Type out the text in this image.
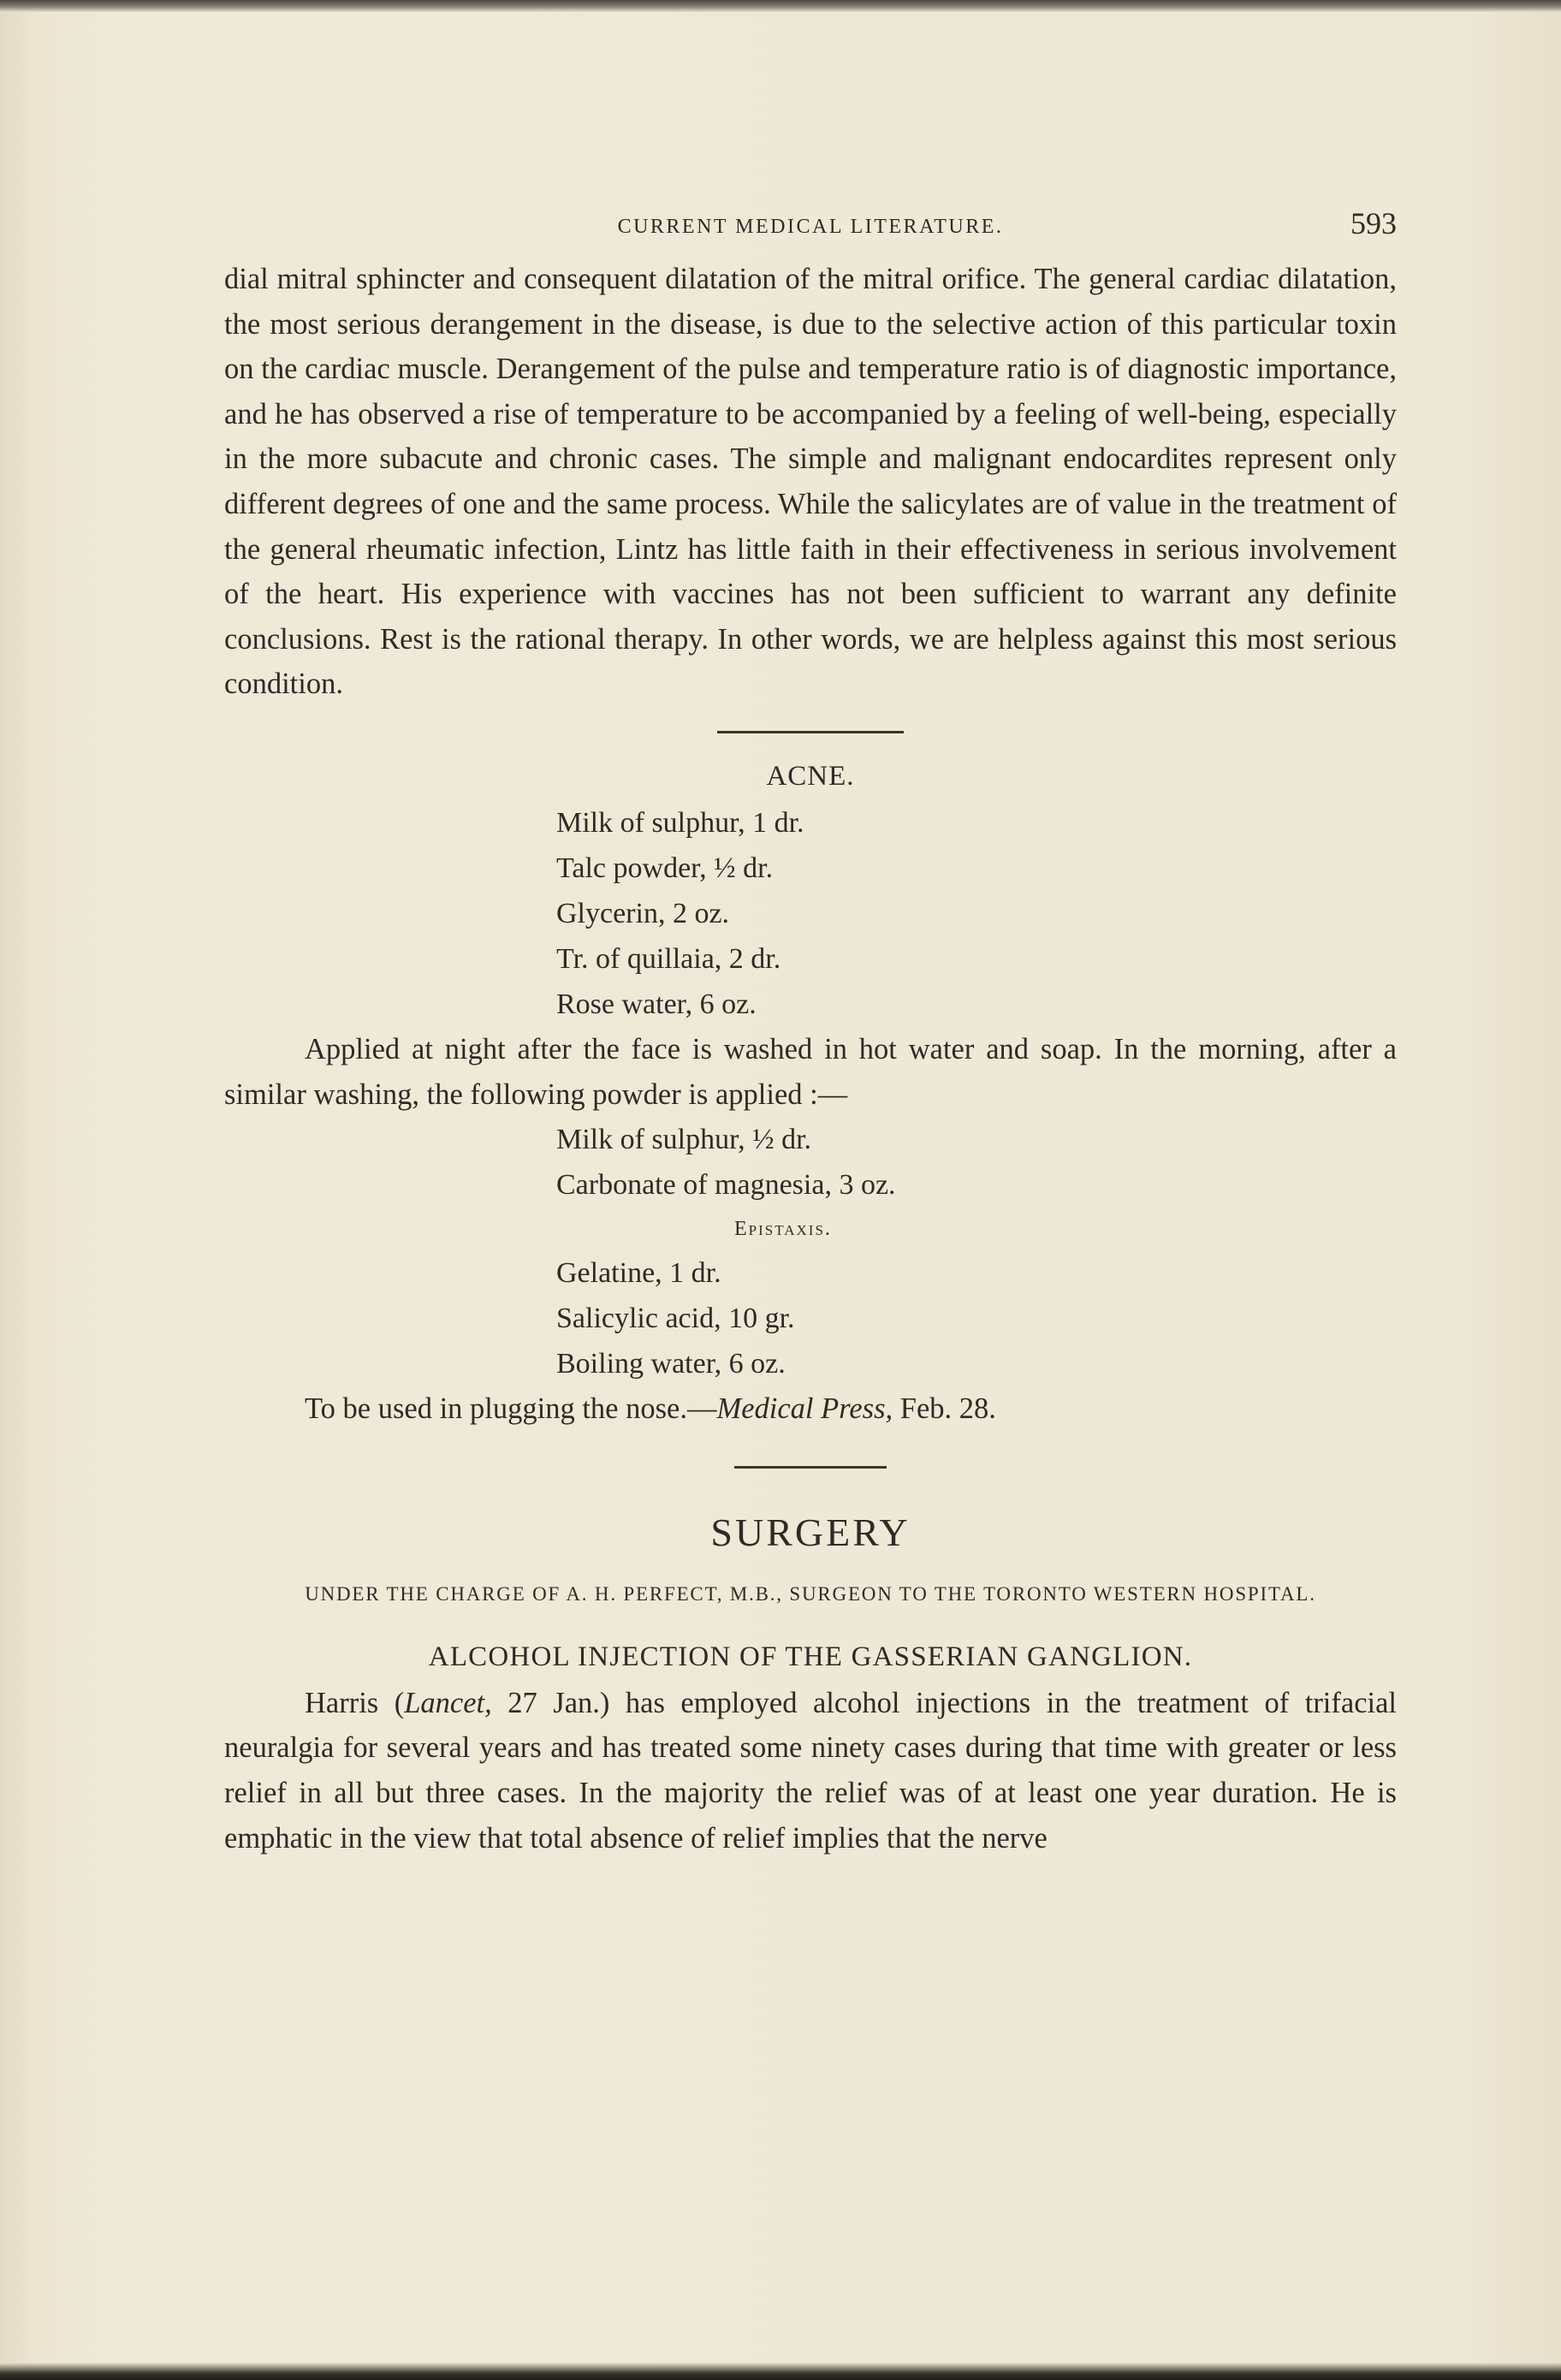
CURRENT MEDICAL LITERATURE.	593

dial mitral sphincter and consequent dilatation of the mitral orifice. The general cardiac dilatation, the most serious derangement in the disease, is due to the selective action of this particular toxin on the cardiac muscle. Derangement of the pulse and temperature ratio is of diagnostic importance, and he has observed a rise of temperature to be accompanied by a feeling of well-being, especially in the more subacute and chronic cases. The simple and malignant endocardites represent only different degrees of one and the same process. While the salicylates are of value in the treatment of the general rheumatic infection, Lintz has little faith in their effectiveness in serious involvement of the heart. His experience with vaccines has not been sufficient to warrant any definite conclusions. Rest is the rational therapy. In other words, we are helpless against this most serious condition.

ACNE.
Milk of sulphur, 1 dr.
Talc powder, ½ dr.
Glycerin, 2 oz.
Tr. of quillaia, 2 dr.
Rose water, 6 oz.

Applied at night after the face is washed in hot water and soap. In the morning, after a similar washing, the following powder is applied :—

Milk of sulphur, ½ dr.
Carbonate of magnesia, 3 oz.
Epistaxis.
Gelatine, 1 dr.
Salicylic acid, 10 gr.
Boiling water, 6 oz.

To be used in plugging the nose.—Medical Press, Feb. 28.

SURGERY
UNDER THE CHARGE OF A. H. PERFECT, M.B., SURGEON TO THE TORONTO WESTERN HOSPITAL.
ALCOHOL INJECTION OF THE GASSERIAN GANGLION.

Harris (Lancet, 27 Jan.) has employed alcohol injections in the treatment of trifacial neuralgia for several years and has treated some ninety cases during that time with greater or less relief in all but three cases. In the majority the relief was of at least one year duration. He is emphatic in the view that total absence of relief implies that the nerve
